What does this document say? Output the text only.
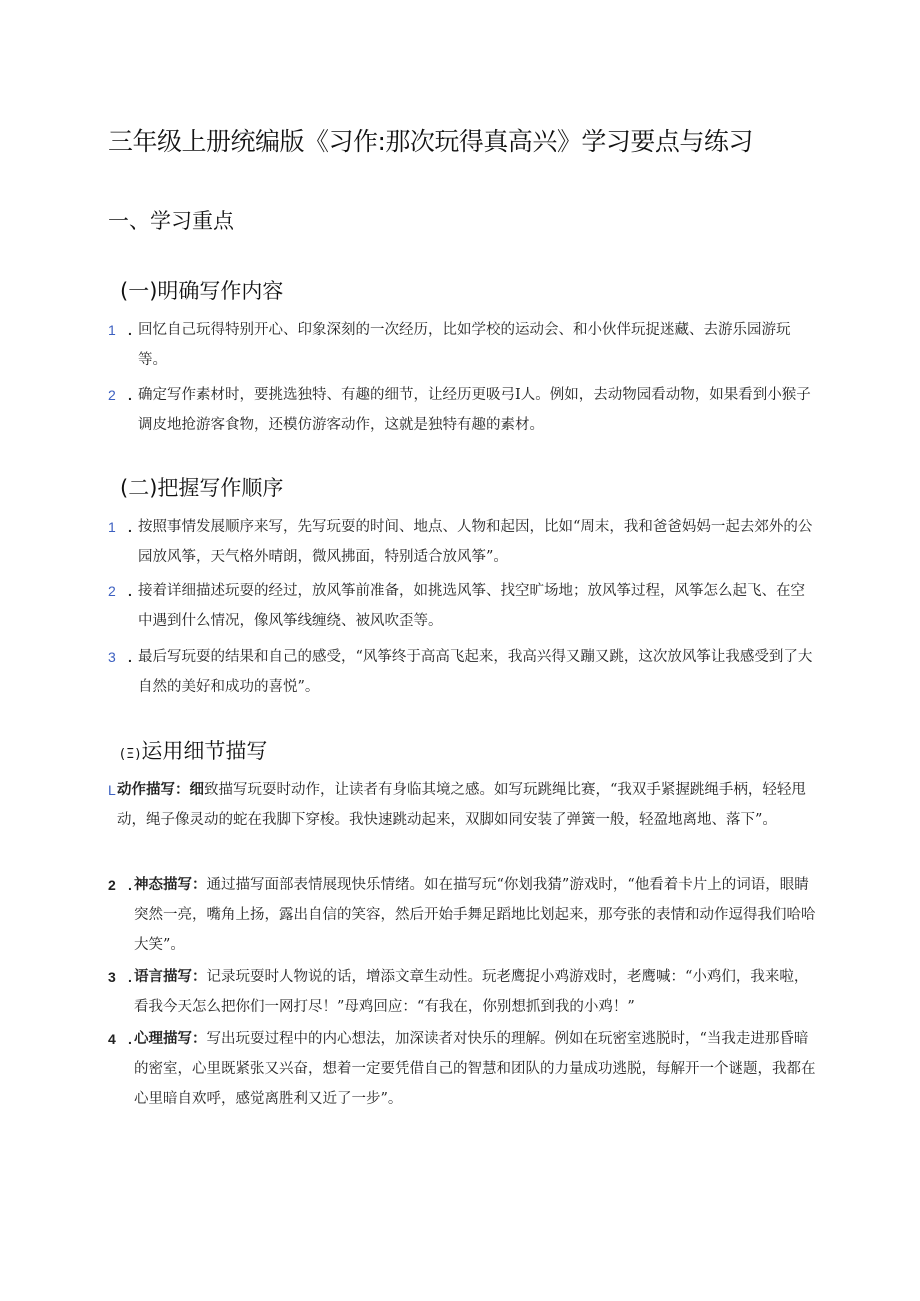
三年级上册统编版《习作:那次玩得真高兴》学习要点与练习
一、学习重点
(一)明确写作内容
1 . 回忆自己玩得特别开心、印象深刻的一次经历，比如学校的运动会、和小伙伴玩捉迷藏、去游乐园游玩等。
2 . 确定写作素材时，要挑选独特、有趣的细节，让经历更吸弓I人。例如，去动物园看动物，如果看到小猴子调皮地抢游客食物，还模仿游客动作，这就是独特有趣的素材。
(二)把握写作顺序
1 . 按照事情发展顺序来写，先写玩耍的时间、地点、人物和起因，比如“周末，我和爸爸妈妈一起去郊外的公园放风筝，天气格外晴朗，微风拂面，特别适合放风筝”。
2 . 接着详细描述玩耍的经过，放风筝前准备，如挑选风筝、找空旷场地；放风筝过程，风筝怎么起飞、在空中遇到什么情况，像风筝线缠绕、被风吹歪等。
3 . 最后写玩耍的结果和自己的感受，“风筝终于高高飞起来，我高兴得又蹦又跳，这次放风筝让我感受到了大自然的美好和成功的喜悦”。
(Ξ)运用细节描写
L 动作描写：细致描写玩耍时动作，让读者有身临其境之感。如写玩跳绳比赛，“我双手紧握跳绳手柄，轻轻甩动，绳子像灵动的蛇在我脚下穿梭。我快速跳动起来，双脚如同安装了弹簧一般，轻盈地离地、落下”。
2 . 神态描写：通过描写面部表情展现快乐情绪。如在描写玩“你划我猜”游戏时，“他看着卡片上的词语，眼睛突然一亮，嘴角上扬，露出自信的笑容，然后开始手舞足蹈地比划起来，那夸张的表情和动作逗得我们哈哈大笑”。
3 . 语言描写：记录玩耍时人物说的话，增添文章生动性。玩老鹰捉小鸡游戏时，老鹰喊：“小鸡们，我来啦，看我今天怎么把你们一网打尽！”母鸡回应：“有我在，你别想抓到我的小鸡！”
4 . 心理描写：写出玩耍过程中的内心想法，加深读者对快乐的理解。例如在玩密室逃脱时，“当我走进那昏暗的密室，心里既紧张又兴奋，想着一定要凭借自己的智慧和团队的力量成功逃脱，每解开一个谜题，我都在心里暗自欢呼，感觉离胜利又近了一步”。
